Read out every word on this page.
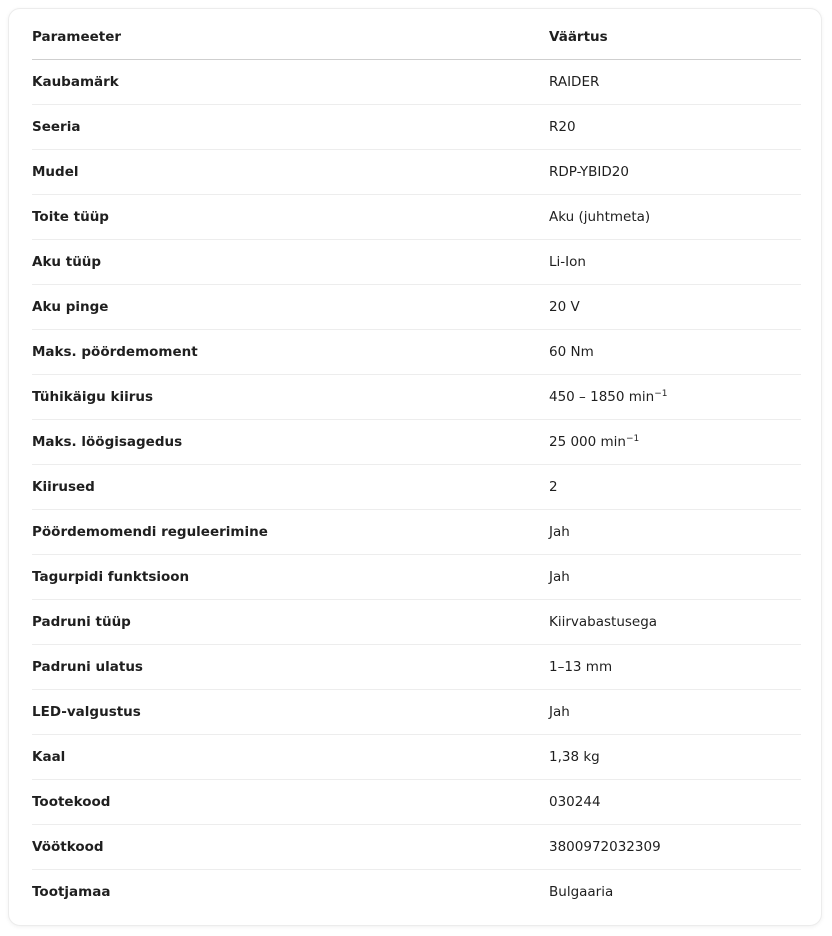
Parameeter	Väärtus
Kaubamärk	RAIDER
Seeria	R20
Mudel	RDP-YBID20
Toite tüüp	Aku (juhtmeta)
Aku tüüp	Li-Ion
Aku pinge	20 V
Maks. pöördemoment	60 Nm
Tühikäigu kiirus	450 – 1850 $\min^{-1}$
Maks. löögisagedus	25 000 $\min^{-1}$
Kiirused	2
Pöördemomendi reguleerimine	Jah
Tagurpidi funktsioon	Jah
Padruni tüüp	Kiirvabastusega
Padruni ulatus	1–13 mm
LED-valgustus	Jah
Kaal	1,38 kg
Tootekood	030244
Vöötkood	3800972032309
Tootjamaa	Bulgaaria
